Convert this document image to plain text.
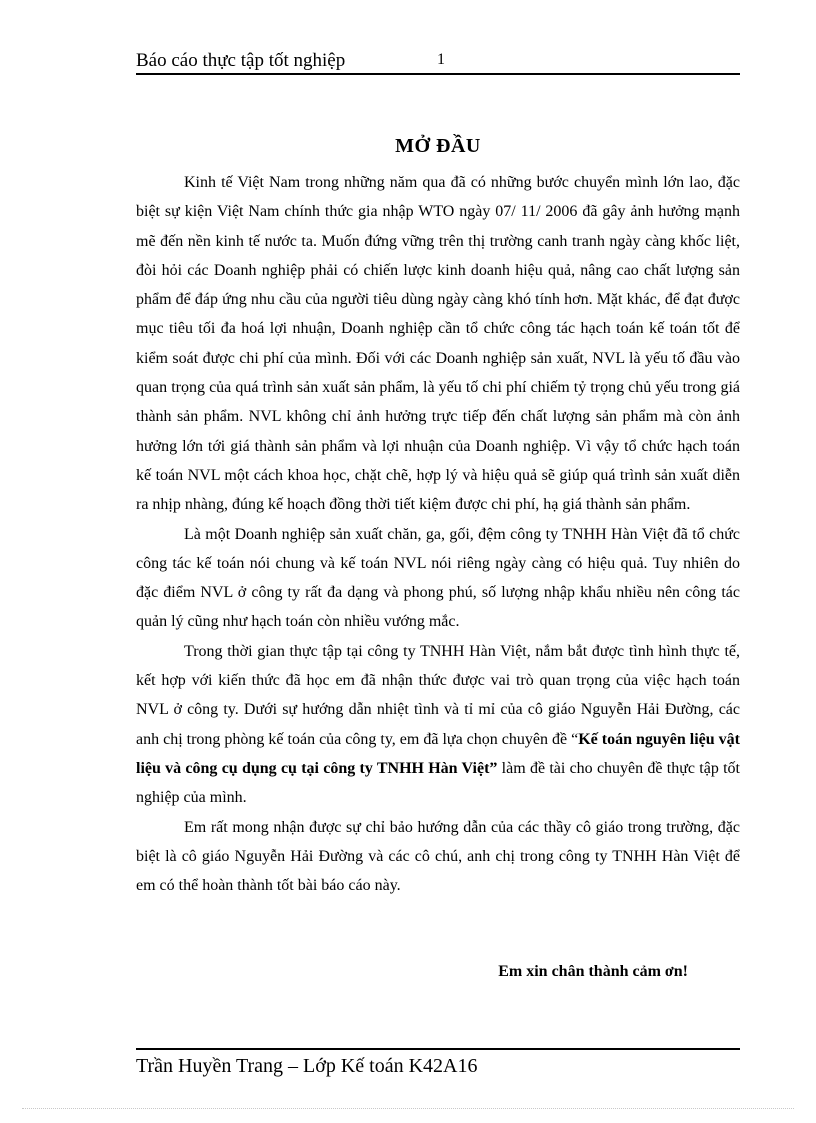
Báo cáo thực tập tốt nghiệp	1
MỞ ĐẦU

Kinh tế Việt Nam trong những năm qua đã có những bước chuyển mình lớn lao, đặc biệt sự kiện Việt Nam chính thức gia nhập WTO ngày 07/ 11/ 2006 đã gây ảnh hưởng mạnh mẽ đến nền kinh tế nước ta. Muốn đứng vững trên thị trường canh tranh ngày càng khốc liệt, đòi hỏi các Doanh nghiệp phải có chiến lược kinh doanh hiệu quả, nâng cao chất lượng sản phẩm để đáp ứng nhu cầu của người tiêu dùng ngày càng khó tính hơn. Mặt khác, để đạt được mục tiêu tối đa hoá lợi nhuận, Doanh nghiệp cần tổ chức công tác hạch toán kế toán tốt để kiểm soát được chi phí của mình. Đối với các Doanh nghiệp sản xuất, NVL là yếu tố đầu vào quan trọng của quá trình sản xuất sản phẩm, là yếu tố chi phí chiếm tỷ trọng chủ yếu trong giá thành sản phẩm. NVL không chỉ ảnh hưởng trực tiếp đến chất lượng sản phẩm mà còn ảnh hưởng lớn tới giá thành sản phẩm và lợi nhuận của Doanh nghiệp. Vì vậy tổ chức hạch toán kế toán NVL một cách khoa học, chặt chẽ, hợp lý và hiệu quả sẽ giúp quá trình sản xuất diễn ra nhịp nhàng, đúng kế hoạch đồng thời tiết kiệm được chi phí, hạ giá thành sản phẩm.

Là một Doanh nghiệp sản xuất chăn, ga, gối, đệm công ty TNHH Hàn Việt đã tổ chức công tác kế toán nói chung và kế toán NVL nói riêng ngày càng có hiệu quả. Tuy nhiên do đặc điểm NVL ở công ty rất đa dạng và phong phú, số lượng nhập khẩu nhiều nên công tác quản lý cũng như hạch toán còn nhiều vướng mắc.

Trong thời gian thực tập tại công ty TNHH Hàn Việt, nắm bắt được tình hình thực tế, kết hợp với kiến thức đã học em đã nhận thức được vai trò quan trọng của việc hạch toán NVL ở công ty. Dưới sự hướng dẫn nhiệt tình và tỉ mỉ của cô giáo Nguyễn Hải Đường, các anh chị trong phòng kế toán của công ty, em đã lựa chọn chuyên đề “Kế toán nguyên liệu vật liệu và công cụ dụng cụ tại công ty TNHH Hàn Việt” làm đề tài cho chuyên đề thực tập tốt nghiệp của mình.

Em rất mong nhận được sự chỉ bảo hướng dẫn của các thầy cô giáo trong trường, đặc biệt là cô giáo Nguyễn Hải Đường và các cô chú, anh chị trong công ty TNHH Hàn Việt để em có thể hoàn thành tốt bài báo cáo này.

Em xin chân thành cảm ơn!
Trần Huyền Trang – Lớp Kế toán K42A16
